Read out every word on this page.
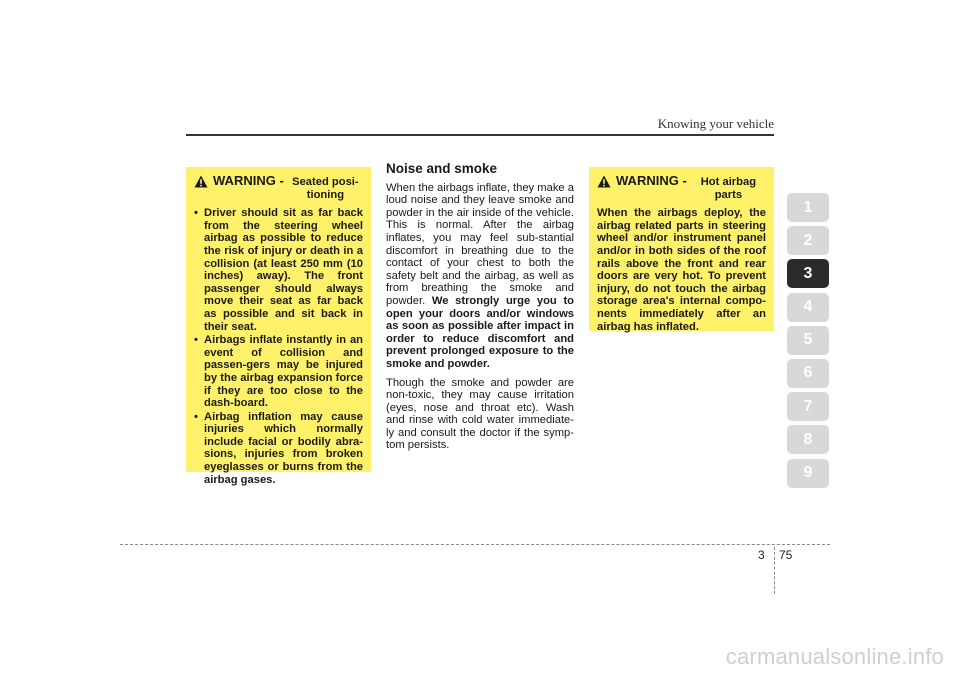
Knowing your vehicle
1
2
3
4
5
6
7
8
9
WARNING - Seated posi-tioning
• Driver should sit as far back from the steering wheel airbag as possible to reduce the risk of injury or death in a collision (at least 250 mm (10 inches) away). The front passenger should always move their seat as far back as possible and sit back in their seat.
• Airbags inflate instantly in an event of collision and passen-gers may be injured by the airbag expansion force if they are too close to the dash-board.
• Airbag inflation may cause injuries which normally include facial or bodily abra-sions, injuries from broken eyeglasses or burns from the airbag gases.
Noise and smoke

When the airbags inflate, they make a loud noise and they leave smoke and powder in the air inside of the vehicle. This is normal. After the airbag inflates, you may feel sub-stantial discomfort in breathing due to the contact of your chest to both the safety belt and the airbag, as well as from breathing the smoke and powder. We strongly urge you to open your doors and/or windows as soon as possible after impact in order to reduce discomfort and prevent prolonged exposure to the smoke and powder.

Though the smoke and powder are non-toxic, they may cause irritation (eyes, nose and throat etc). Wash and rinse with cold water immediate-ly and consult the doctor if the symp-tom persists.

WARNING -	Hot airbag parts

When the airbags deploy, the airbag related parts in steering wheel and/or instrument panel and/or in both sides of the roof rails above the front and rear doors are very hot. To prevent injury, do not touch the airbag storage area's internal compo-nents immediately after an airbag has inflated.

3 75
carmanualsonline.info
